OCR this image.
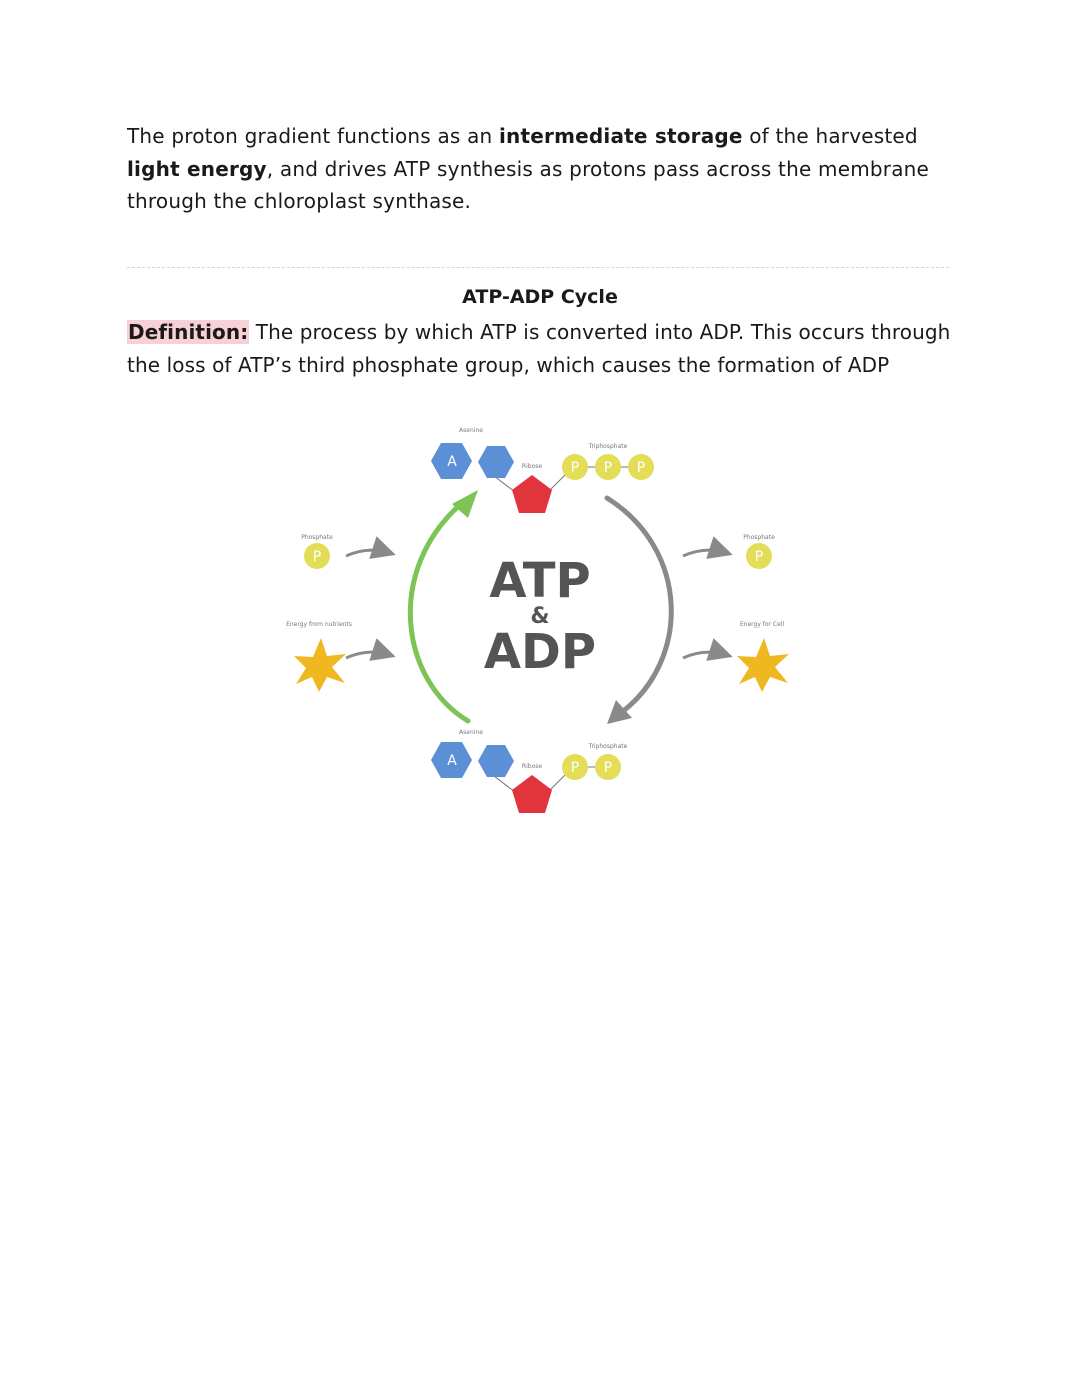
The proton gradient functions as an intermediate storage of the harvested light energy, and drives ATP synthesis as protons pass across the membrane through the chloroplast synthase.
ATP-ADP Cycle
Definition: The process by which ATP is converted into ADP. This occurs through the loss of ATP’s third phosphate group, which causes the formation of ADP
ATP
&
ADP
Asenine
A	Ribose
Triphosphate
P P P
Asenine
A	Ribose
Triphosphate
P P
Phosphate
P
Energy from nutrients
Phosphate
P
Energy for Cell
